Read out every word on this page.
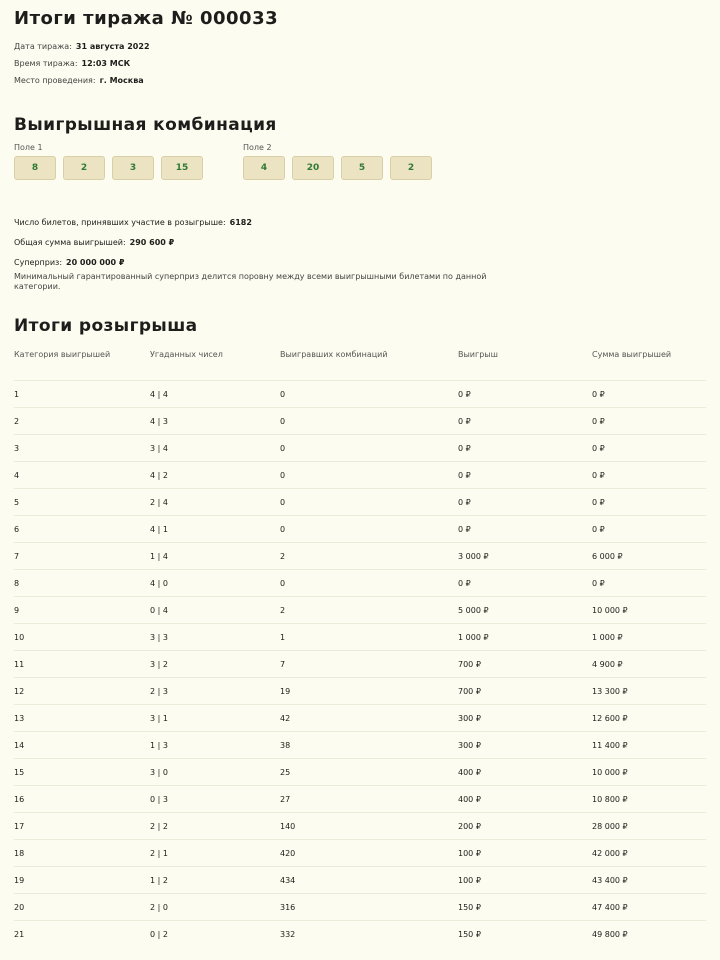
Итоги тиража № 000033
Дата тиража: 31 августа 2022
Время тиража: 12:03 МСК
Место проведения: г. Москва
Выигрышная комбинация
Поле 1
8	2	3	15
Поле 2
4	20	5	2
Число билетов, принявших участие в розыгрыше: 6182
Общая сумма выигрышей: 290 600 ₽
Суперприз: 20 000 000 ₽
Минимальный гарантированный суперприз делится поровну между всеми выигрышными билетами по данной категории.
Итоги розыгрыша
Категория выигрышей	Угаданных чисел	Выигравших комбинаций	Выигрыш	Сумма выигрышей
1	4 | 4	0	0 ₽	0 ₽
2	4 | 3	0	0 ₽	0 ₽
3	3 | 4	0	0 ₽	0 ₽
4	4 | 2	0	0 ₽	0 ₽
5	2 | 4	0	0 ₽	0 ₽
6	4 | 1	0	0 ₽	0 ₽
7	1 | 4	2	3 000 ₽	6 000 ₽
8	4 | 0	0	0 ₽	0 ₽
9	0 | 4	2	5 000 ₽	10 000 ₽
10	3 | 3	1	1 000 ₽	1 000 ₽
11	3 | 2	7	700 ₽	4 900 ₽
12	2 | 3	19	700 ₽	13 300 ₽
13	3 | 1	42	300 ₽	12 600 ₽
14	1 | 3	38	300 ₽	11 400 ₽
15	3 | 0	25	400 ₽	10 000 ₽
16	0 | 3	27	400 ₽	10 800 ₽
17	2 | 2	140	200 ₽	28 000 ₽
18	2 | 1	420	100 ₽	42 000 ₽
19	1 | 2	434	100 ₽	43 400 ₽
20	2 | 0	316	150 ₽	47 400 ₽
21	0 | 2	332	150 ₽	49 800 ₽
